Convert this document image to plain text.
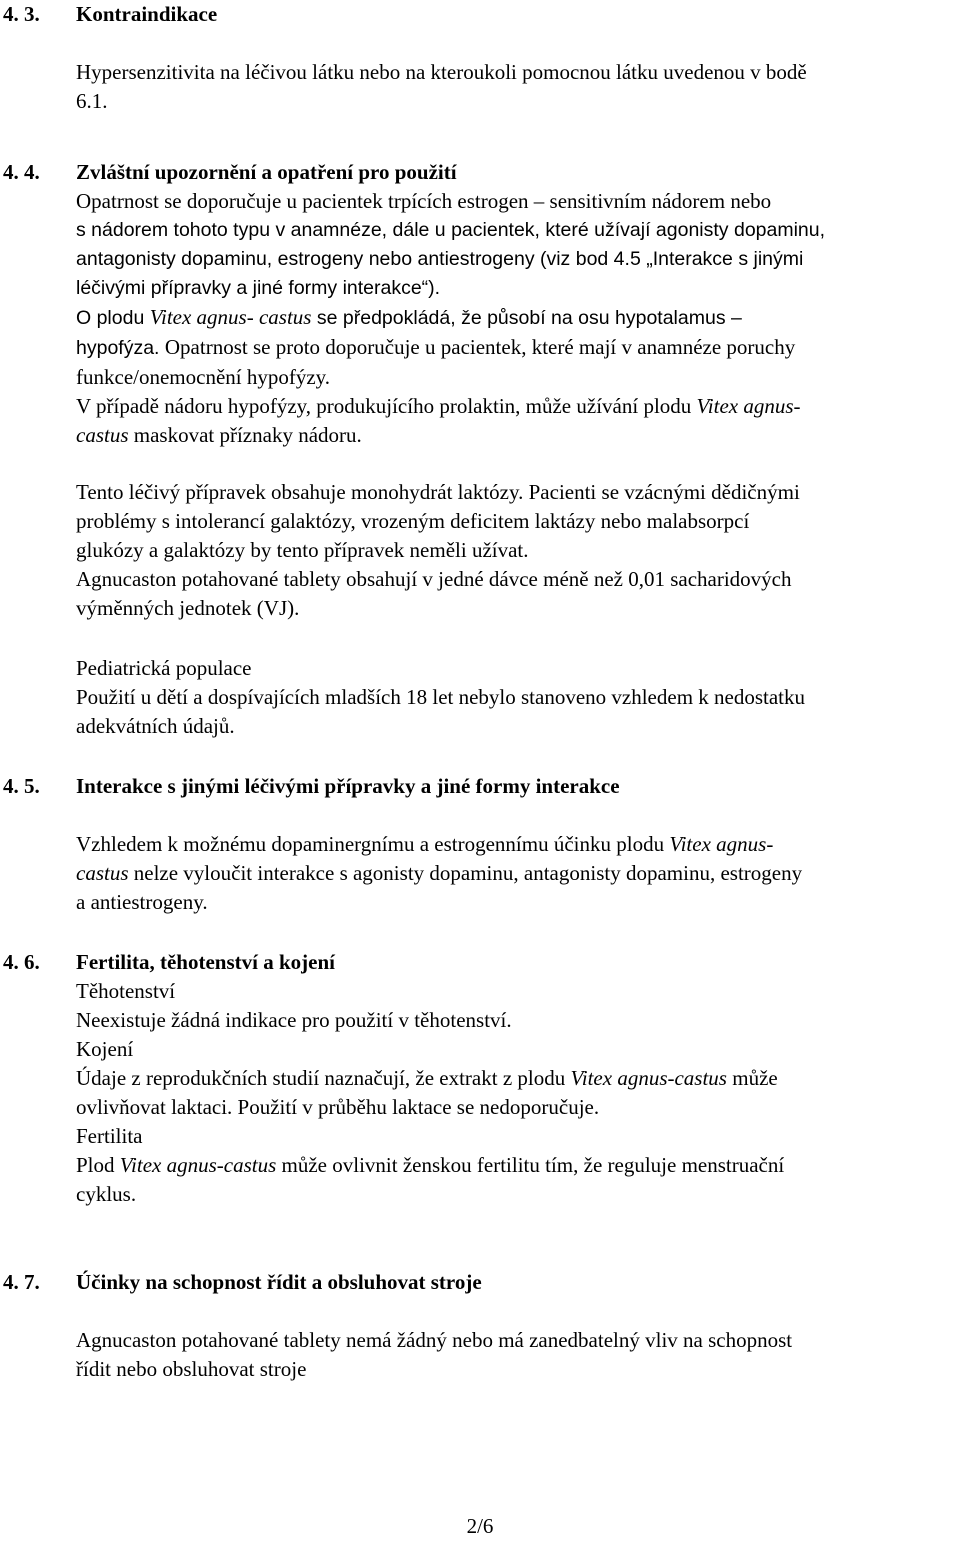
4. 3. Kontraindikace
Hypersenzitivita na léčivou látku nebo na kteroukoli pomocnou látku uvedenou v bodě
6.1.
4. 4. Zvláštní upozornění a opatření pro použití
Opatrnost se doporučuje u pacientek trpících estrogen – sensitivním nádorem nebo
s nádorem tohoto typu v anamnéze, dále u pacientek, které užívají agonisty dopaminu,
antagonisty dopaminu, estrogeny nebo antiestrogeny (viz bod 4.5 „Interakce s jinými
léčivými přípravky a jiné formy interakce“).
O plodu Vitex agnus- castus se předpokládá, že působí na osu hypotalamus –
hypofýza. Opatrnost se proto doporučuje u pacientek, které mají v anamnéze poruchy
funkce/onemocnění hypofýzy.
V případě nádoru hypofýzy, produkujícího prolaktin, může užívání plodu Vitex agnus-
castus maskovat příznaky nádoru.
Tento léčivý přípravek obsahuje monohydrát laktózy. Pacienti se vzácnými dědičnými
problémy s intolerancí galaktózy, vrozeným deficitem laktázy nebo malabsorpcí
glukózy a galaktózy by tento přípravek neměli užívat.
Agnucaston potahované tablety obsahují v jedné dávce méně než 0,01 sacharidových
výměnných jednotek (VJ).
Pediatrická populace
Použití u dětí a dospívajících mladších 18 let nebylo stanoveno vzhledem k nedostatku
adekvátních údajů.
4. 5. Interakce s jinými léčivými přípravky a jiné formy interakce
Vzhledem k možnému dopaminergnímu a estrogennímu účinku plodu Vitex agnus-
castus nelze vyloučit interakce s agonisty dopaminu, antagonisty dopaminu, estrogeny
a antiestrogeny.
4. 6. Fertilita, těhotenství a kojení
Těhotenství
Neexistuje žádná indikace pro použití v těhotenství.
Kojení
Údaje z reprodukčních studií naznačují, že extrakt z plodu Vitex agnus-castus může
ovlivňovat laktaci. Použití v průběhu laktace se nedoporučuje.
Fertilita
Plod Vitex agnus-castus může ovlivnit ženskou fertilitu tím, že reguluje menstruační
cyklus.
4. 7. Účinky na schopnost řídit a obsluhovat stroje
Agnucaston potahované tablety nemá žádný nebo má zanedbatelný vliv na schopnost
řídit nebo obsluhovat stroje
2/6
